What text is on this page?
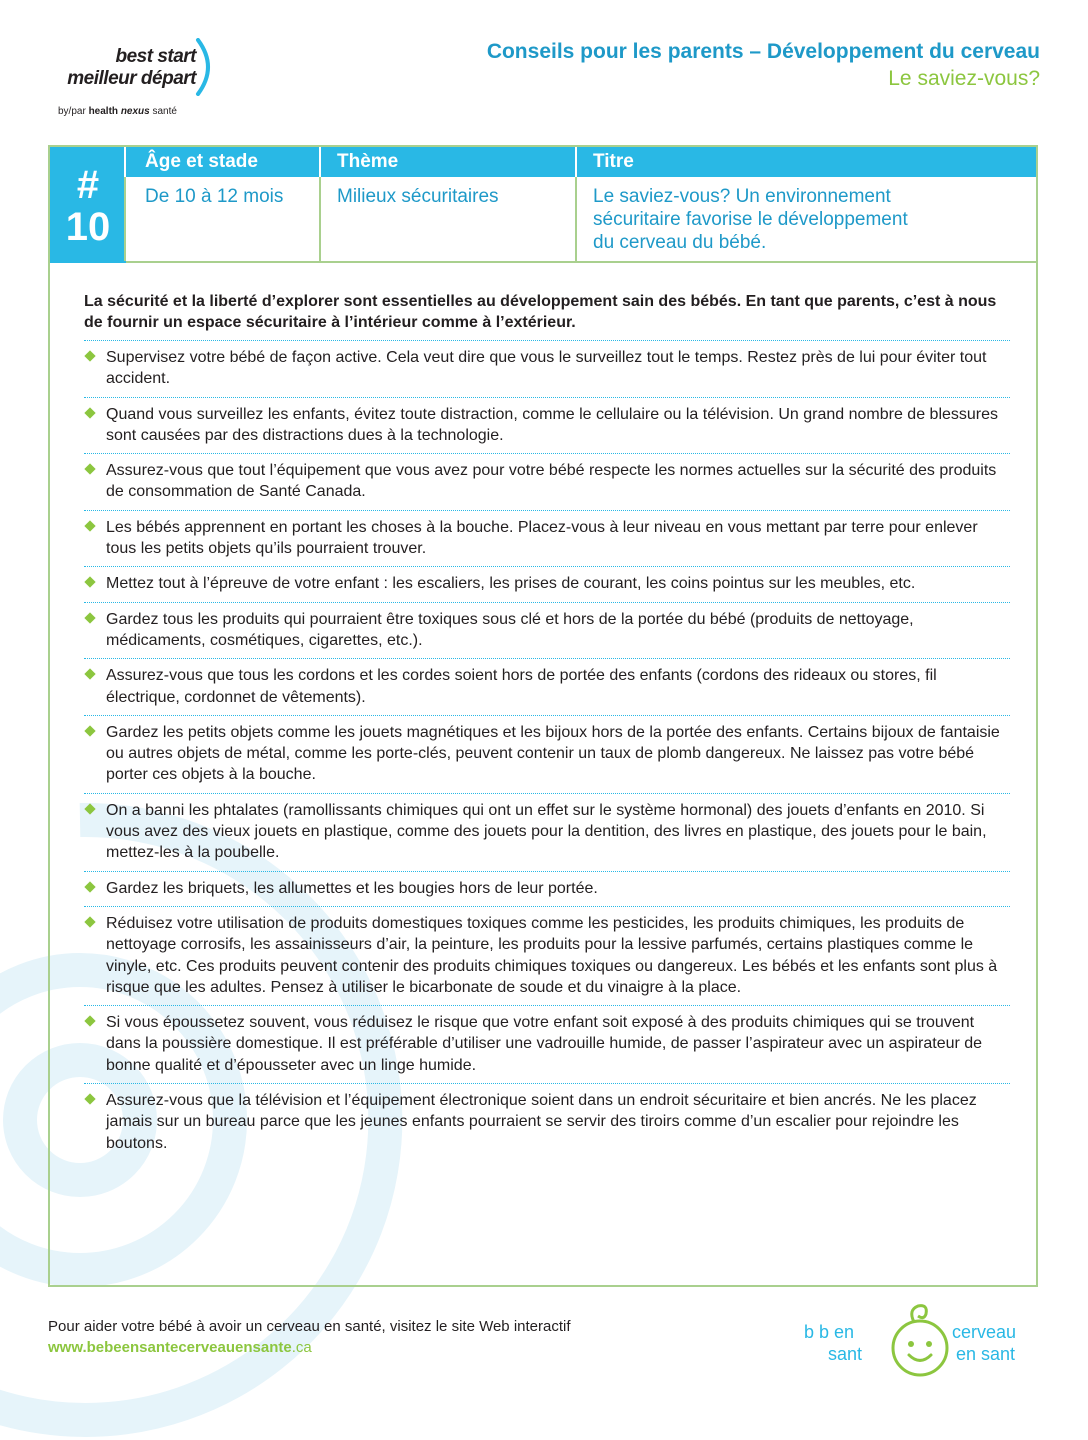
best start
meilleur départ
by/par health nexus santé
Conseils pour les parents – Développement du cerveau
Le saviez-vous?
#
10
Âge et stade	Thème	Titre
De 10 à 12 mois	Milieux sécuritaires	Le saviez-vous? Un environnement
sécuritaire favorise le développement
du cerveau du bébé.
La sécurité et la liberté d’explorer sont essentielles au développement sain des bébés. En tant que parents, c’est à nous de fournir un espace sécuritaire à l’intérieur comme à l’extérieur.
Supervisez votre bébé de façon active. Cela veut dire que vous le surveillez tout le temps. Restez près de lui pour éviter tout accident.
Quand vous surveillez les enfants, évitez toute distraction, comme le cellulaire ou la télévision. Un grand nombre de blessures sont causées par des distractions dues à la technologie.
Assurez-vous que tout l’équipement que vous avez pour votre bébé respecte les normes actuelles sur la sécurité des produits de consommation de Santé Canada.
Les bébés apprennent en portant les choses à la bouche. Placez-vous à leur niveau en vous mettant par terre pour enlever tous les petits objets qu’ils pourraient trouver.
Mettez tout à l’épreuve de votre enfant : les escaliers, les prises de courant, les coins pointus sur les meubles, etc.
Gardez tous les produits qui pourraient être toxiques sous clé et hors de la portée du bébé (produits de nettoyage, médicaments, cosmétiques, cigarettes, etc.).
Assurez-vous que tous les cordons et les cordes soient hors de portée des enfants (cordons des rideaux ou stores, fil électrique, cordonnet de vêtements).
Gardez les petits objets comme les jouets magnétiques et les bijoux hors de la portée des enfants. Certains bijoux de fantaisie ou autres objets de métal, comme les porte-clés, peuvent contenir un taux de plomb dangereux. Ne laissez pas votre bébé porter ces objets à la bouche.
On a banni les phtalates (ramollissants chimiques qui ont un effet sur le système hormonal) des jouets d’enfants en 2010. Si vous avez des vieux jouets en plastique, comme des jouets pour la dentition, des livres en plastique, des jouets pour le bain, mettez-les à la poubelle.
Gardez les briquets, les allumettes et les bougies hors de leur portée.
Réduisez votre utilisation de produits domestiques toxiques comme les pesticides, les produits chimiques, les produits de nettoyage corrosifs, les assainisseurs d’air, la peinture, les produits pour la lessive parfumés, certains plastiques comme le vinyle, etc. Ces produits peuvent contenir des produits chimiques toxiques ou dangereux. Les bébés et les enfants sont plus à risque que les adultes. Pensez à utiliser le bicarbonate de soude et du vinaigre à la place.
Si vous époussetez souvent, vous réduisez le risque que votre enfant soit exposé à des produits chimiques qui se trouvent dans la poussière domestique. Il est préférable d’utiliser une vadrouille humide, de passer l’aspirateur avec un aspirateur de bonne qualité et d’épousseter avec un linge humide.
Assurez-vous que la télévision et l’équipement électronique soient dans un endroit sécuritaire et bien ancrés. Ne les placez jamais sur un bureau parce que les jeunes enfants pourraient se servir des tiroirs comme d’un escalier pour rejoindre les boutons.
Pour aider votre bébé à avoir un cerveau en santé, visitez le site Web interactif
www.bebeensantecerveauensante.ca
b b en
sant
cerveau
en sant
